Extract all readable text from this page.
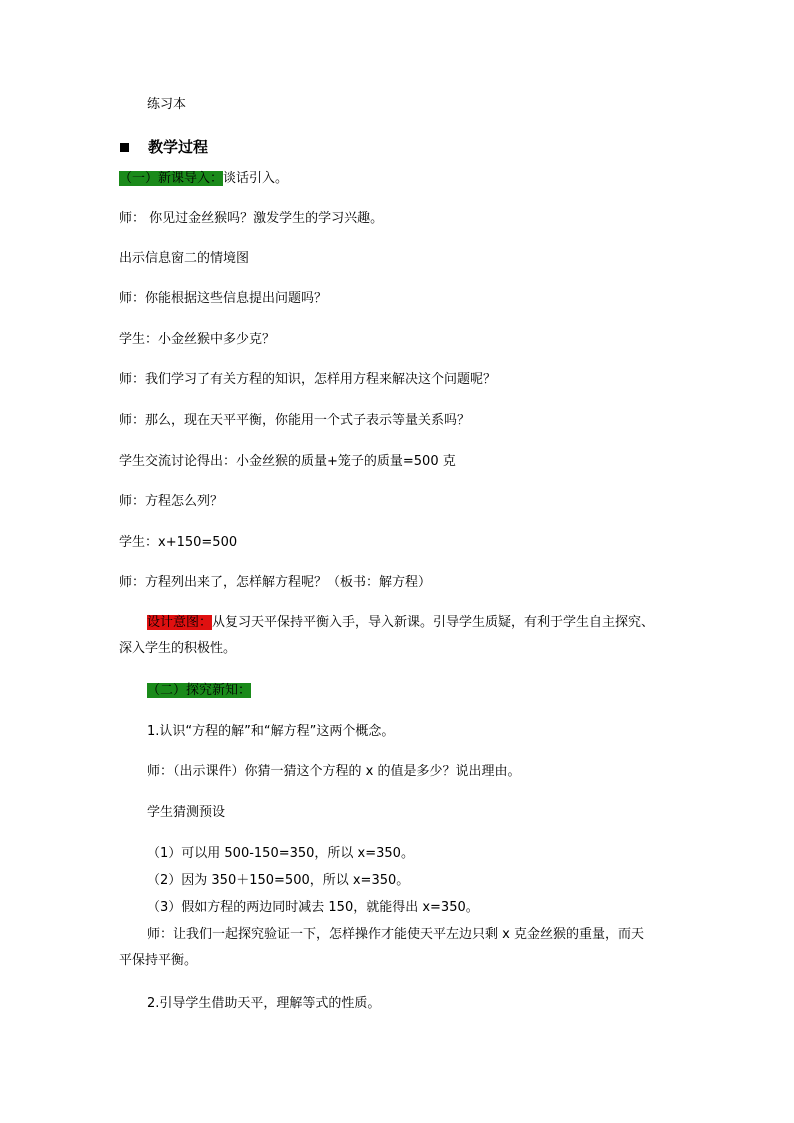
练习本
教学过程
（一）新课导入：谈话引入。
师： 你见过金丝猴吗？激发学生的学习兴趣。
出示信息窗二的情境图
师：你能根据这些信息提出问题吗？
学生：小金丝猴中多少克？
师：我们学习了有关方程的知识，怎样用方程来解决这个问题呢？
师：那么，现在天平平衡，你能用一个式子表示等量关系吗？
学生交流讨论得出：小金丝猴的质量+笼子的质量=500 克
师：方程怎么列？
学生：x+150=500
师：方程列出来了，怎样解方程呢？（板书：解方程）
设计意图：从复习天平保持平衡入手，导入新课。引导学生质疑，有利于学生自主探究、
深入学生的积极性。
（二）探究新知：
1.认识“方程的解”和“解方程”这两个概念。
师：（出示课件）你猜一猜这个方程的 x 的值是多少？说出理由。
学生猜测预设
（1）可以用 500-150=350，所以 x=350。
（2）因为 350＋150=500，所以 x=350。
（3）假如方程的两边同时减去 150，就能得出 x=350。
师：让我们一起探究验证一下，怎样操作才能使天平左边只剩 x 克金丝猴的重量，而天
平保持平衡。
2.引导学生借助天平，理解等式的性质。
